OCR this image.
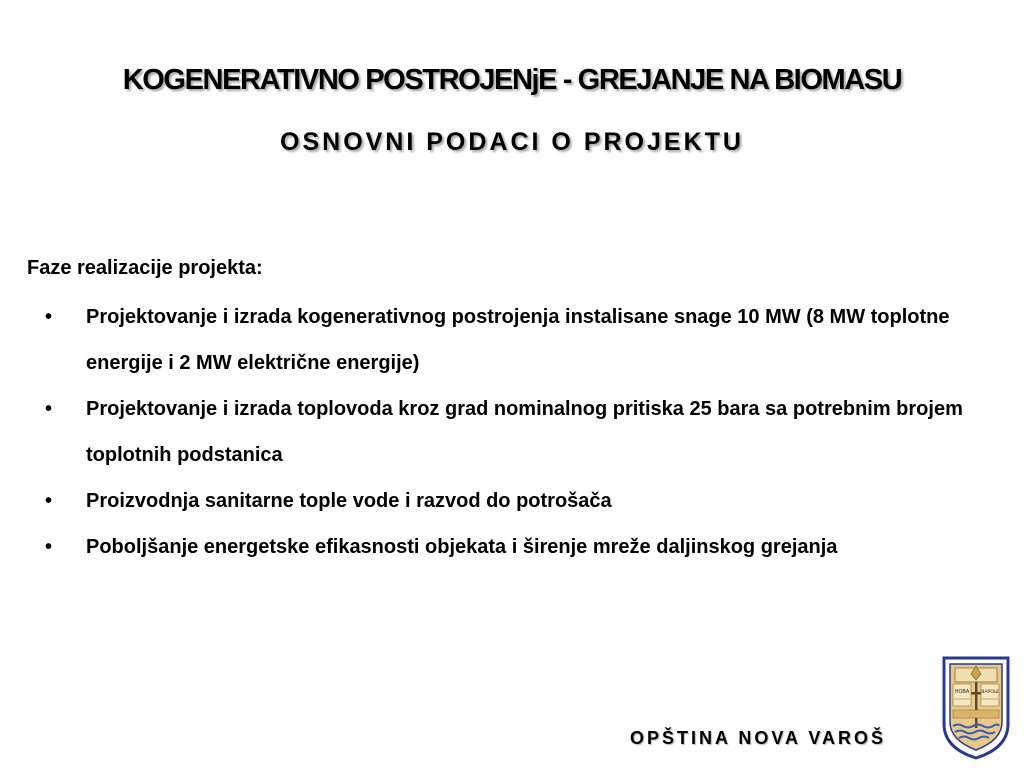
KOGENERATIVNO POSTROJENjE - GREJANJE NA BIOMASU
OSNOVNI PODACI O PROJEKTU
Faze realizacije projekta:
• Projektovanje i izrada kogenerativnog postrojenja instalisane snage 10 MW (8 MW toplotne energije i 2 MW električne energije)
• Projektovanje i izrada toplovoda kroz grad nominalnog pritiska 25 bara sa potrebnim brojem toplotnih podstanica
• Proizvodnja sanitarne tople vode i razvod do potrošača
• Poboljšanje energetske efikasnosti objekata i širenje mreže daljinskog grejanja
OPŠTINA NOVA VAROŠ
НОВА	ВАРОШ
